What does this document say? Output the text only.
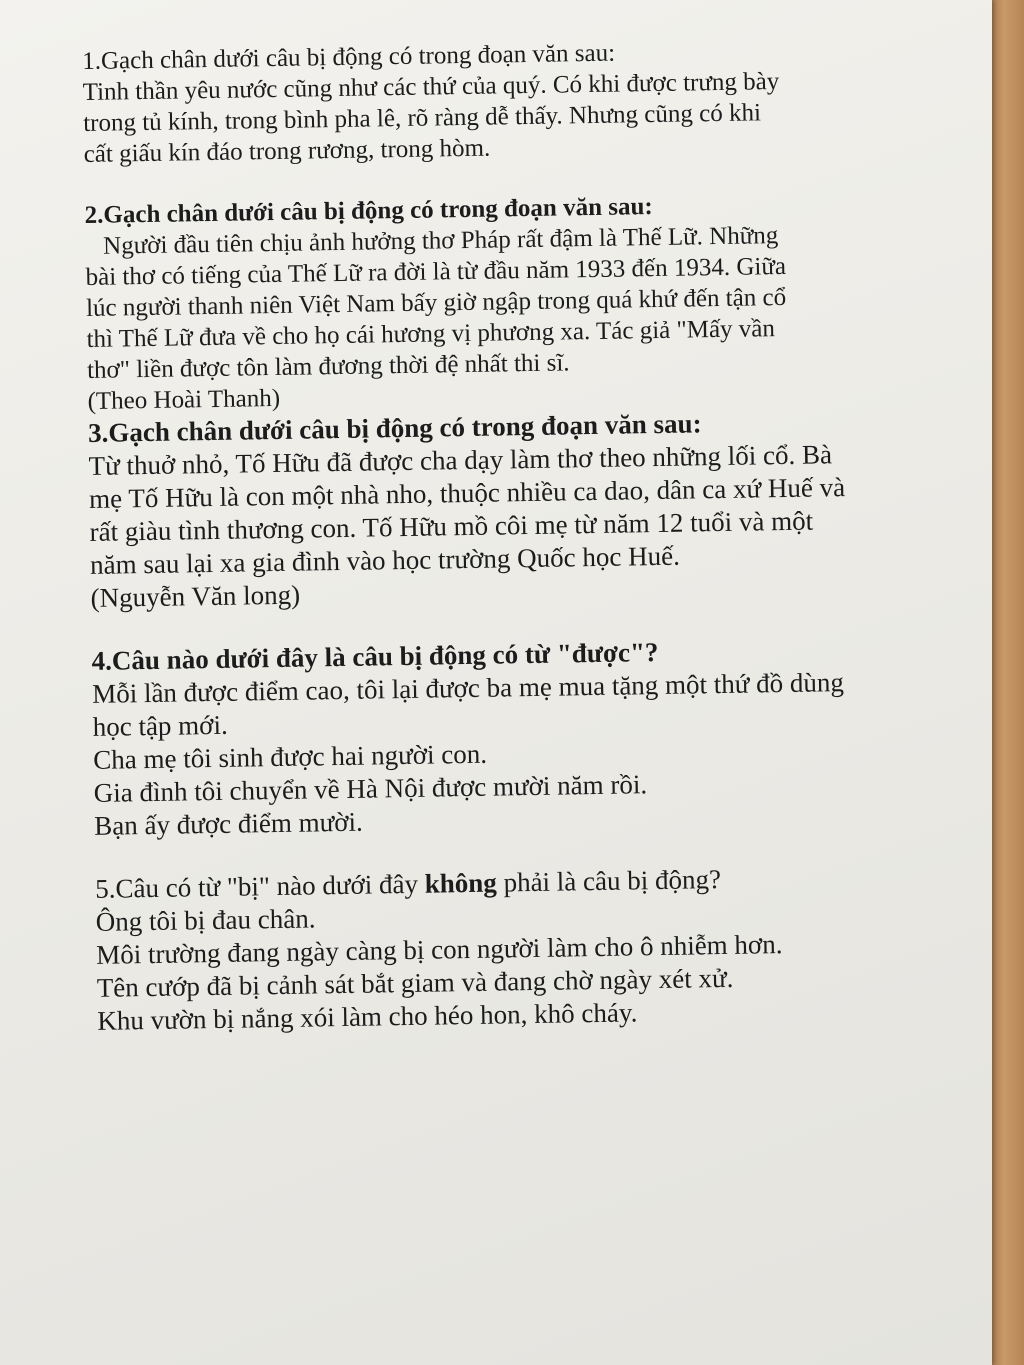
1.Gạch chân dưới câu bị động có trong đoạn văn sau:

Tinh thần yêu nước cũng như các thứ của quý. Có khi được trưng bày

trong tủ kính, trong bình pha lê, rõ ràng dễ thấy. Nhưng cũng có khi

cất giấu kín đáo trong rương, trong hòm.

2.Gạch chân dưới câu bị động có trong đoạn văn sau:

Người đầu tiên chịu ảnh hưởng thơ Pháp rất đậm là Thế Lữ. Những

bài thơ có tiếng của Thế Lữ ra đời là từ đầu năm 1933 đến 1934. Giữa

lúc người thanh niên Việt Nam bấy giờ ngập trong quá khứ đến tận cổ

thì Thế Lữ đưa về cho họ cái hương vị phương xa. Tác giả "Mấy vần

thơ" liền được tôn làm đương thời đệ nhất thi sĩ.

(Theo Hoài Thanh)

3.Gạch chân dưới câu bị động có trong đoạn văn sau:

Từ thuở nhỏ, Tố Hữu đã được cha dạy làm thơ theo những lối cổ. Bà

mẹ Tố Hữu là con một nhà nho, thuộc nhiều ca dao, dân ca xứ Huế và

rất giàu tình thương con. Tố Hữu mồ côi mẹ từ năm 12 tuổi và một

năm sau lại xa gia đình vào học trường Quốc học Huế.

(Nguyễn Văn long)

4.Câu nào dưới đây là câu bị động có từ "được"?

Mỗi lần được điểm cao, tôi lại được ba mẹ mua tặng một thứ đồ dùng

học tập mới.

Cha mẹ tôi sinh được hai người con.

Gia đình tôi chuyển về Hà Nội được mười năm rồi.

Bạn ấy được điểm mười.

5.Câu có từ "bị" nào dưới đây không phải là câu bị động?

Ông tôi bị đau chân.

Môi trường đang ngày càng bị con người làm cho ô nhiễm hơn.

Tên cướp đã bị cảnh sát bắt giam và đang chờ ngày xét xử.

Khu vườn bị nắng xói làm cho héo hon, khô cháy.
